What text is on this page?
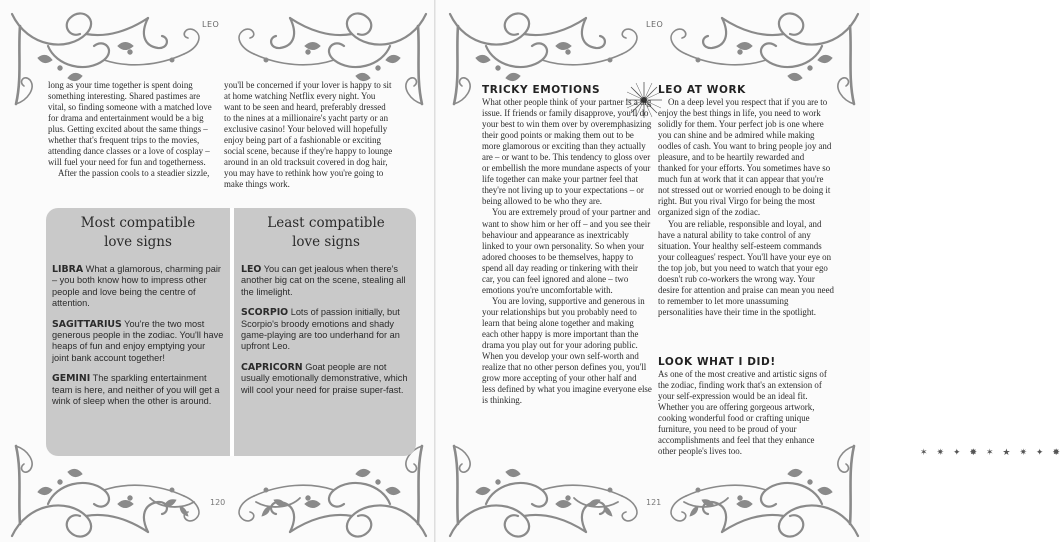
LEO

long as your time together is spent doing something interesting. Shared pastimes are vital, so finding someone with a matched love for drama and entertainment would be a big plus. Getting excited about the same things – whether that's frequent trips to the movies, attending dance classes or a love of cosplay – will fuel your need for fun and togetherness.

After the passion cools to a steadier sizzle,

you'll be concerned if your lover is happy to sit at home watching Netflix every night. You want to be seen and heard, preferably dressed to the nines at a millionaire's yacht party or an exclusive casino! Your beloved will hopefully enjoy being part of a fashionable or exciting social scene, because if they're happy to lounge around in an old tracksuit covered in dog hair, you may have to rethink how you're going to make things work.

Most compatible
love signs
LIBRA What a glamorous, charming pair – you both know how to impress other people and love being the centre of attention.
SAGITTARIUS You're the two most generous people in the zodiac. You'll have heaps of fun and enjoy emptying your joint bank account together!
GEMINI The sparkling entertainment team is here, and neither of you will get a wink of sleep when the other is around.
Least compatible
love signs
LEO You can get jealous when there's another big cat on the scene, stealing all the limelight.
SCORPIO Lots of passion initially, but Scorpio's broody emotions and shady game-playing are too underhand for an upfront Leo.
CAPRICORN Goat people are not usually emotionally demonstrative, which will cool your need for praise super-fast.
120
LEO
TRICKY EMOTIONS

What other people think of your partner is a big issue. If friends or family disapprove, you'll do your best to win them over by overemphasizing their good points or making them out to be more glamorous or exciting than they actually are – or want to be. This tendency to gloss over or embellish the more mundane aspects of your life together can make your partner feel that they're not living up to your expectations – or being allowed to be who they are.

You are extremely proud of your partner and want to show him or her off – and you see their behaviour and appearance as inextricably linked to your own personality. So when your adored chooses to be themselves, happy to spend all day reading or tinkering with their car, you can feel ignored and alone – two emotions you're uncomfortable with.

You are loving, supportive and generous in your relationships but you probably need to learn that being alone together and making each other happy is more important than the drama you play out for your adoring public. When you develop your own self-worth and realize that no other person defines you, you'll grow more accepting of your other half and less defined by what you imagine everyone else is thinking.

✶ ✷ ✦ ✸ ✶ ★ ✷ ✦ ✸
LEO AT WORK

On a deep level you respect that if you are to enjoy the best things in life, you need to work solidly for them. Your perfect job is one where you can shine and be admired while making oodles of cash. You want to bring people joy and pleasure, and to be heartily rewarded and thanked for your efforts. You sometimes have so much fun at work that it can appear that you're not stressed out or worried enough to be doing it right. But you rival Virgo for being the most organized sign of the zodiac.

You are reliable, responsible and loyal, and have a natural ability to take control of any situation. Your healthy self-esteem commands your colleagues' respect. You'll have your eye on the top job, but you need to watch that your ego doesn't rub co-workers the wrong way. Your desire for attention and praise can mean you need to remember to let more unassuming personalities have their time in the spotlight.

LOOK WHAT I DID!

As one of the most creative and artistic signs of the zodiac, finding work that's an extension of your self-expression would be an ideal fit. Whether you are offering gorgeous artwork, cooking wonderful food or crafting unique furniture, you need to be proud of your accomplishments and feel that they enhance other people's lives too.

121
